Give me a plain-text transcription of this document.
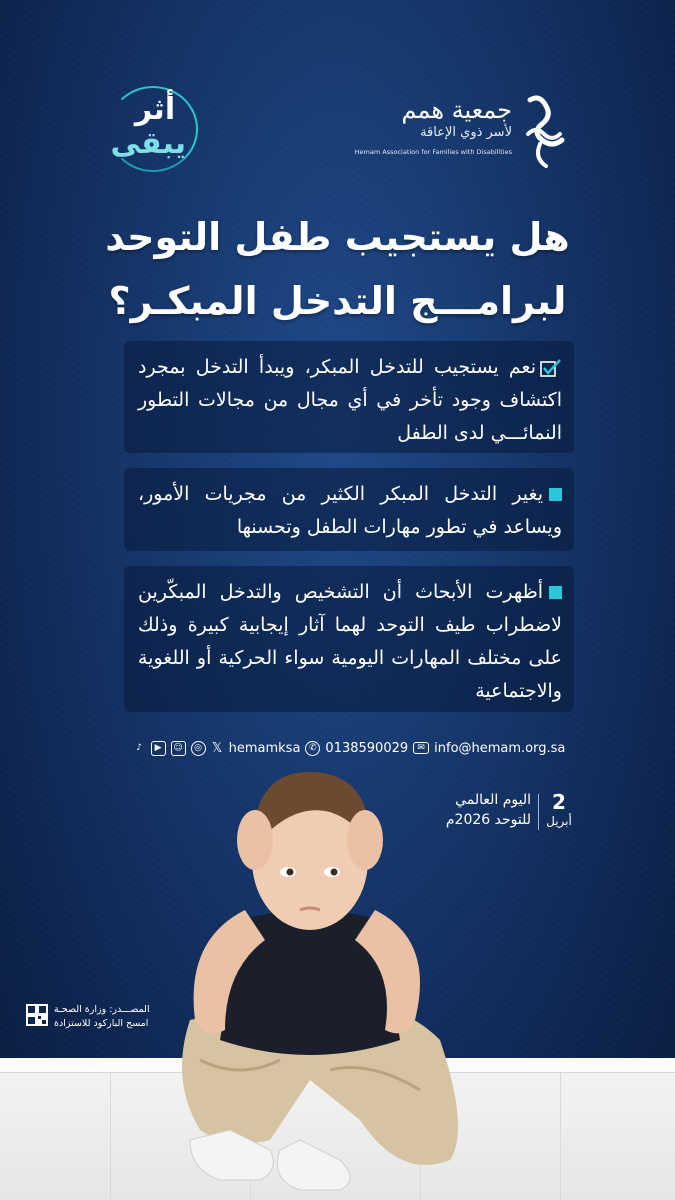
جمعية همم
لأسر ذوي الإعاقة
Hemam Association for Families with Disabilities
أثر
يبقى
هل يستجيب طفل التوحد
لبرامـــج التدخل المبكـر؟
نعم يستجيب للتدخل المبكر، ويبدأ التدخل بمجرد اكتشاف وجود تأخر في أي مجال من مجالات التطور النمائـــي لدى الطفل
يغير التدخل المبكر الكثير من مجريات الأمور، ويساعد في تطور مهارات الطفل وتحسنها
أظهرت الأبحاث أن التشخيص والتدخل المبكّرين لاضطراب طيف التوحد لهما آثار إيجابية كبيرة وذلك على مختلف المهارات اليومية سواء الحركية أو اللغوية والاجتماعية
♪	▶	☺	◎ 𝕏 hemamksa ✆ 0138590029	✉ info@hemam.org.sa
2
أبريل
اليوم العالمي
للتوحد 2026م
المصـــدر: وزارة الصحـة
امسح الباركود للاستزادة
